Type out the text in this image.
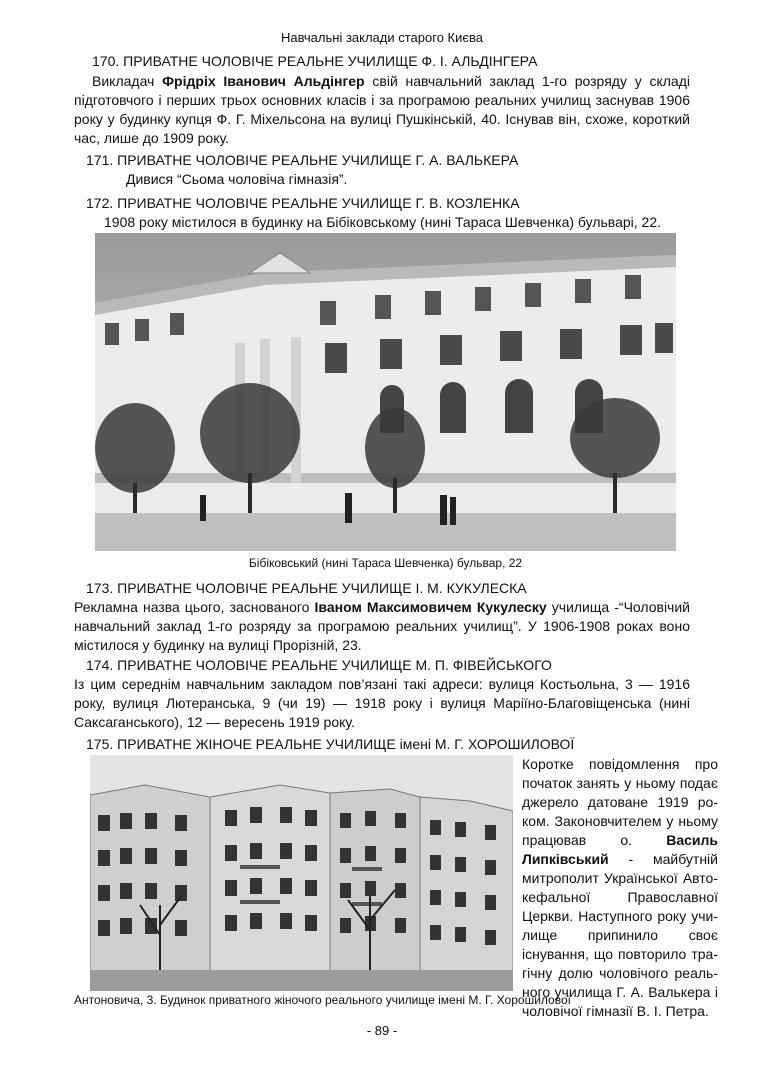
Навчальні заклади старого Києва
170. ПРИВАТНЕ ЧОЛОВІЧЕ РЕАЛЬНЕ УЧИЛИЩЕ Ф. І. АЛЬДІНГЕРА
Викладач Фрідріх Іванович Альдінгер свій навчальний заклад 1-го розряду у складі підготовчого і перших трьох основних класів і за програмою реальних училищ заснував 1906 року у будинку купця Ф. Г. Міхельсона на вулиці Пушкінській, 40. Існував він, схоже, короткий час, лише до 1909 року.
171. ПРИВАТНЕ ЧОЛОВІЧЕ РЕАЛЬНЕ УЧИЛИЩЕ Г. А. ВАЛЬКЕРА
Дивися “Сьома чоловіча гімназія”.
172. ПРИВАТНЕ ЧОЛОВІЧЕ РЕАЛЬНЕ УЧИЛИЩЕ Г. В. КОЗЛЕНКА
1908 року містилося в будинку на Бібіковському (нині Тараса Шевченка) бульварі, 22.
Бібіковський (нині Тараса Шевченка) бульвар, 22
173. ПРИВАТНЕ ЧОЛОВІЧЕ РЕАЛЬНЕ УЧИЛИЩЕ І. М. КУКУЛЕСКА
Рекламна назва цього, заснованого Іваном Максимовичем Кукулеску училища -“Чоловічий навчальний заклад 1-го розряду за програмою реальних училищ”. У 1906-1908 роках воно містилося у будинку на вулиці Прорізній, 23.
174. ПРИВАТНЕ ЧОЛОВІЧЕ РЕАЛЬНЕ УЧИЛИЩЕ М. П. ФІВЕЙСЬКОГО
Із цим середнім навчальним закладом пов’язані такі адреси: вулиця Костьольна, 3 — 1916 року, вулиця Лютеранська, 9 (чи 19) — 1918 року і вулиця Маріїно-Благовіщенська (нині Саксаганського), 12 — вересень 1919 року.
175. ПРИВАТНЕ ЖІНОЧЕ РЕАЛЬНЕ УЧИЛИЩЕ імені М. Г. ХОРОШИЛОВОЇ
Коротке повідомлення про початок занять у ньому подає джерело датоване 1919 роком. Законовчителем у ньому працював о. Василь Липківський - майбутній митрополит Української Автокефальної Православної Церкви. Наступного року училище припинило своє існування, що повторило трагічну долю чоловічого реального училища Г. А. Валькера і чоловічої гімназії В. І. Петра.
Антоновича, 3. Будинок приватного жіночого реального училище імені М. Г. Хорошилової
- 89 -
